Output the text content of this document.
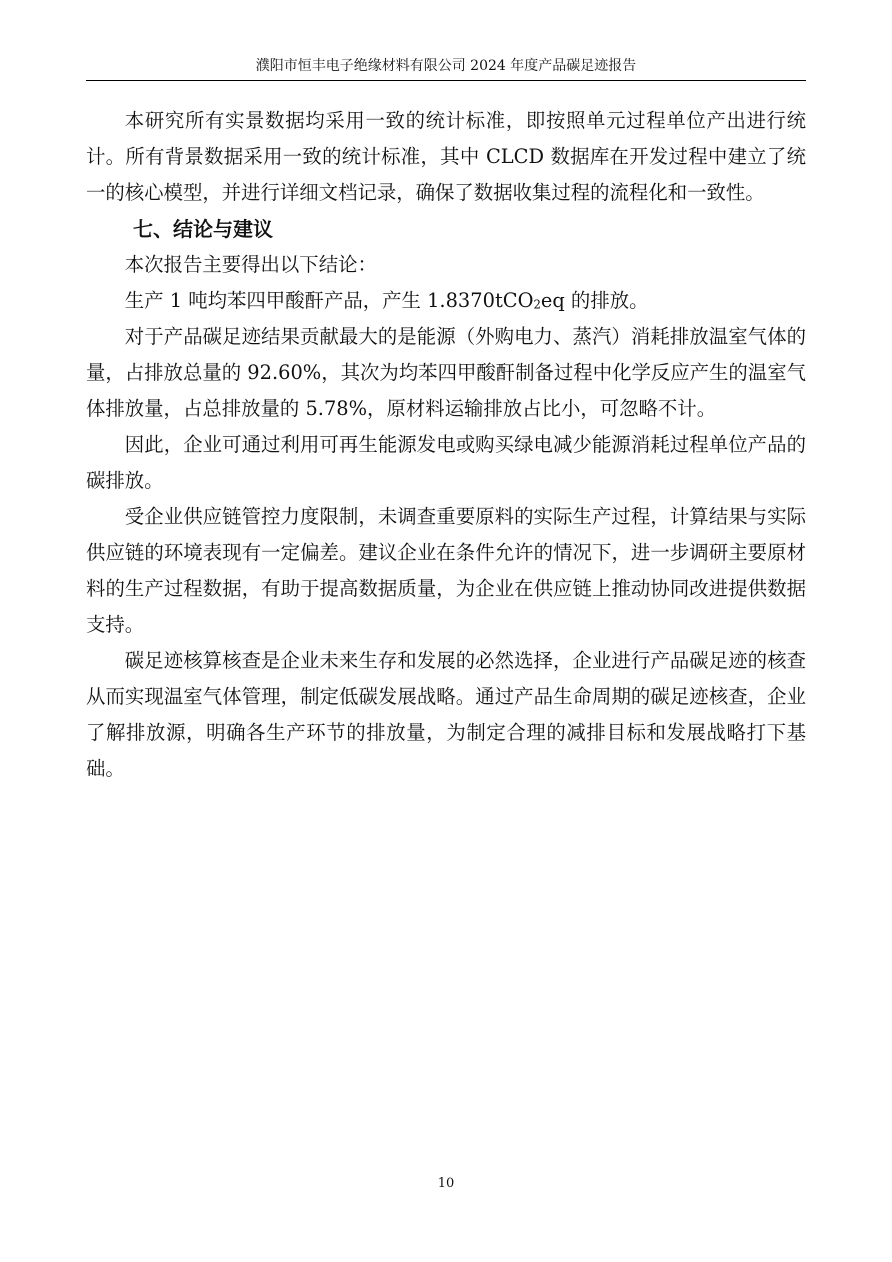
濮阳市恒丰电子绝缘材料有限公司 2024 年度产品碳足迹报告

本研究所有实景数据均采用一致的统计标准，即按照单元过程单位产出进行统计。所有背景数据采用一致的统计标准，其中 CLCD 数据库在开发过程中建立了统一的核心模型，并进行详细文档记录，确保了数据收集过程的流程化和一致性。

七、结论与建议

本次报告主要得出以下结论：

生产 1 吨均苯四甲酸酐产品，产生 1.8370tCO$_2$eq 的排放。

对于产品碳足迹结果贡献最大的是能源（外购电力、蒸汽）消耗排放温室气体的量，占排放总量的 92.60%，其次为均苯四甲酸酐制备过程中化学反应产生的温室气体排放量，占总排放量的 5.78%，原材料运输排放占比小，可忽略不计。

因此，企业可通过利用可再生能源发电或购买绿电减少能源消耗过程单位产品的碳排放。

受企业供应链管控力度限制，未调查重要原料的实际生产过程，计算结果与实际供应链的环境表现有一定偏差。建议企业在条件允许的情况下，进一步调研主要原材料的生产过程数据，有助于提高数据质量，为企业在供应链上推动协同改进提供数据支持。

碳足迹核算核查是企业未来生存和发展的必然选择，企业进行产品碳足迹的核查从而实现温室气体管理，制定低碳发展战略。通过产品生命周期的碳足迹核查，企业了解排放源，明确各生产环节的排放量，为制定合理的减排目标和发展战略打下基础。

10
